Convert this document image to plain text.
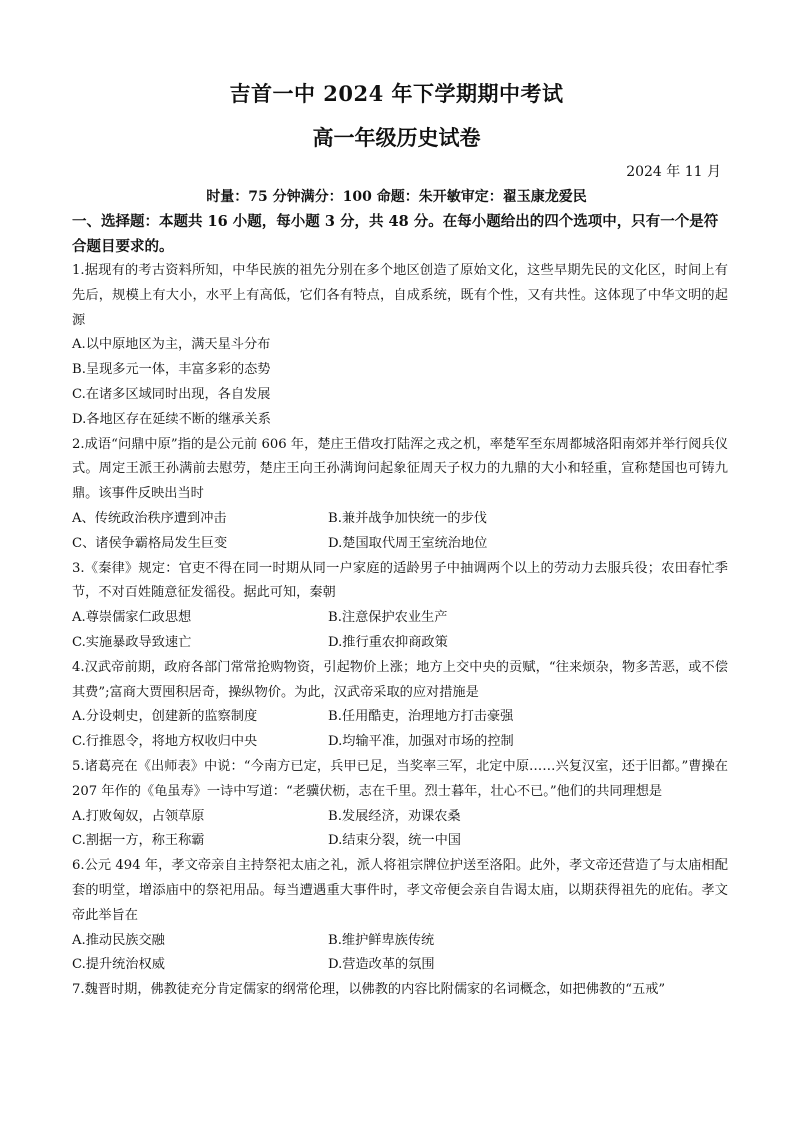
吉首一中 2024 年下学期期中考试
高一年级历史试卷
2024 年 11 月
时量：75 分钟满分：100 命题：朱开敏审定：翟玉康龙爱民
一、选择题：本题共 16 小题，每小题 3 分，共 48 分。在每小题给出的四个选项中，只有一个是符合题目要求的。

1.据现有的考古资料所知，中华民族的祖先分别在多个地区创造了原始文化，这些早期先民的文化区，时间上有先后，规模上有大小，水平上有高低，它们各有特点，自成系统，既有个性，又有共性。这体现了中华文明的起源

A.以中原地区为主，满天星斗分布

B.呈现多元一体，丰富多彩的态势

C.在诸多区域同时出现，各自发展

D.各地区存在延续不断的继承关系

2.成语“问鼎中原”指的是公元前 606 年，楚庄王借攻打陆浑之戎之机，率楚军至东周都城洛阳南郊并举行阅兵仪式。周定王派王孙满前去慰劳，楚庄王向王孙满询问起象征周天子权力的九鼎的大小和轻重，宣称楚国也可铸九鼎。该事件反映出当时

A、传统政治秩序遭到冲击	B.兼并战争加快统一的步伐
C、诸侯争霸格局发生巨变	D.楚国取代周王室统治地位

3.《秦律》规定：官吏不得在同一时期从同一户家庭的适龄男子中抽调两个以上的劳动力去服兵役；农田春忙季节，不对百姓随意征发徭役。据此可知，秦朝

A.尊崇儒家仁政思想	B.注意保护农业生产
C.实施暴政导致速亡	D.推行重农抑商政策

4.汉武帝前期，政府各部门常常抢购物资，引起物价上涨；地方上交中央的贡赋，“往来烦杂，物多苦恶，或不偿其费”;富商大贾囤积居奇，操纵物价。为此，汉武帝采取的应对措施是

A.分设刺史，创建新的监察制度	B.任用酷吏，治理地方打击豪强
C.行推恩令，将地方权收归中央	D.均输平准，加强对市场的控制

5.诸葛亮在《出师表》中说：“今南方已定，兵甲已足，当奖率三军，北定中原……兴复汉室，还于旧都。”曹操在 207 年作的《龟虽寿》一诗中写道：“老骥伏枥，志在千里。烈士暮年，壮心不已。”他们的共同理想是

A.打败匈奴，占领草原	B.发展经济，劝课农桑
C.割据一方，称王称霸	D.结束分裂，统一中国

6.公元 494 年，孝文帝亲自主持祭祀太庙之礼，派人将祖宗牌位护送至洛阳。此外，孝文帝还营造了与太庙相配套的明堂，增添庙中的祭祀用品。每当遭遇重大事件时，孝文帝便会亲自告谒太庙，以期获得祖先的庇佑。孝文帝此举旨在

A.推动民族交融	B.维护鲜卑族传统
C.提升统治权威	D.营造改革的氛围

7.魏晋时期，佛教徒充分肯定儒家的纲常伦理，以佛教的内容比附儒家的名词概念，如把佛教的“五戒”
